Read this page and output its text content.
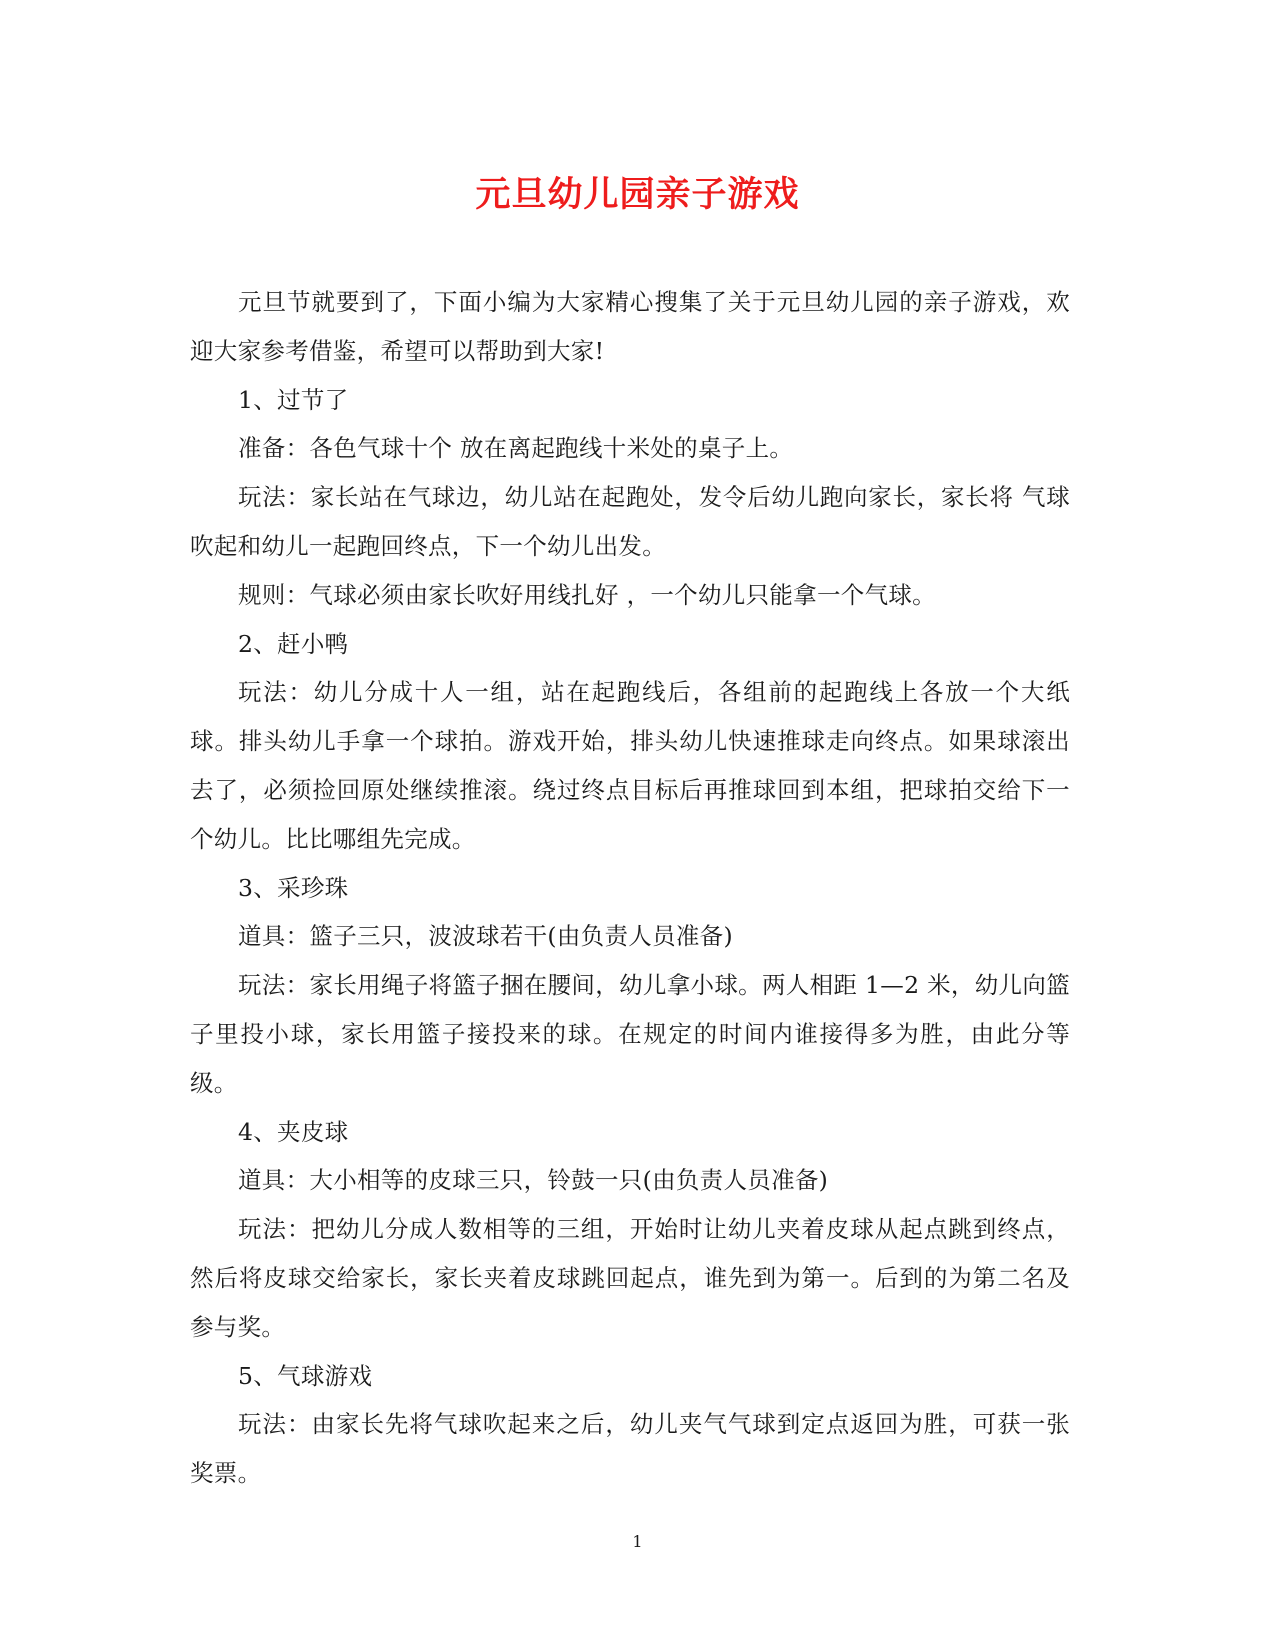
元旦幼儿园亲子游戏

元旦节就要到了，下面小编为大家精心搜集了关于元旦幼儿园的亲子游戏，欢迎大家参考借鉴，希望可以帮助到大家!

1、过节了

准备：各色气球十个 放在离起跑线十米处的桌子上。

玩法：家长站在气球边，幼儿站在起跑处，发令后幼儿跑向家长，家长将 气球吹起和幼儿一起跑回终点，下一个幼儿出发。

规则：气球必须由家长吹好用线扎好 ，一个幼儿只能拿一个气球。

2、赶小鸭

玩法：幼儿分成十人一组，站在起跑线后，各组前的起跑线上各放一个大纸球。排头幼儿手拿一个球拍。游戏开始，排头幼儿快速推球走向终点。如果球滚出去了，必须捡回原处继续推滚。绕过终点目标后再推球回到本组，把球拍交给下一个幼儿。比比哪组先完成。

3、采珍珠

道具：篮子三只，波波球若干(由负责人员准备)

玩法：家长用绳子将篮子捆在腰间，幼儿拿小球。两人相距 1—2 米，幼儿向篮子里投小球，家长用篮子接投来的球。在规定的时间内谁接得多为胜，由此分等级。

4、夹皮球

道具：大小相等的皮球三只，铃鼓一只(由负责人员准备)

玩法：把幼儿分成人数相等的三组，开始时让幼儿夹着皮球从起点跳到终点，然后将皮球交给家长，家长夹着皮球跳回起点，谁先到为第一。后到的为第二名及参与奖。

5、气球游戏

玩法：由家长先将气球吹起来之后，幼儿夹气气球到定点返回为胜，可获一张奖票。

1
